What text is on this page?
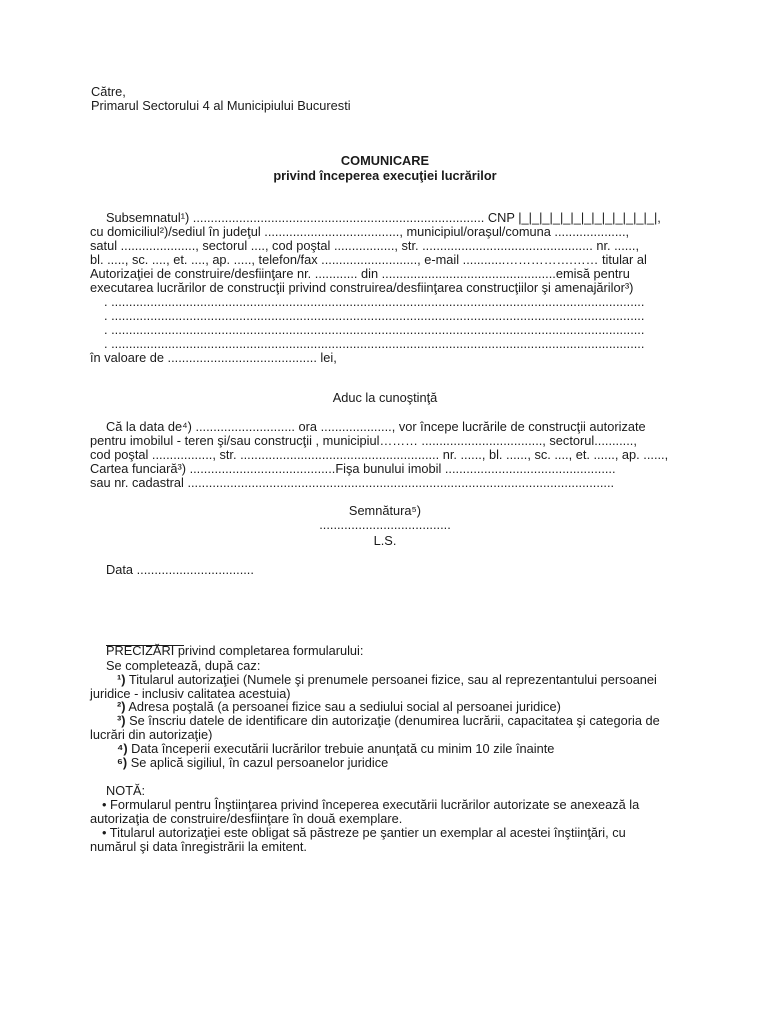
Către,
Primarul Sectorului 4 al Municipiului Bucuresti
COMUNICARE
privind începerea execuţiei lucrărilor
Subsemnatul¹) .................................................................................. CNP |_|_|_|_|_|_|_|_|_|_|_|_|_|,
cu domiciliul²)/sediul în judeţul ......................................, municipiul/oraşul/comuna ....................,
satul ....................., sectorul ...., cod poştal ................., str. ................................................ nr. ......,
bl. ....., sc. ...., et. ...., ap. ....., telefon/fax ..........................., e-mail ............…………….…… titular al
Autorizaţiei de construire/desfiinţare nr. ............ din .................................................emisă pentru
executarea lucrărilor de construcţii privind construirea/desfiinţarea construcţiilor şi amenajărilor³)
. ......................................................................................................................................................
. ......................................................................................................................................................
. ......................................................................................................................................................
. ......................................................................................................................................................
în valoare de .......................................... lei,
Aduc la cunoştinţă
Că la data de⁴) ............................ ora ...................., vor începe lucrările de construcţii autorizate
pentru imobilul - teren şi/sau construcţii , municipiul……… .................................., sectorul...........,
cod poştal ................., str. ........................................................ nr. ......, bl. ......, sc. ...., et. ......, ap. ......,
Cartea funciară³) .........................................Fişa bunului imobil ................................................
sau nr. cadastral ........................................................................................................................
Semnătura⁵)
.....................................
L.S.
Data .................................
PRECIZĂRI privind completarea formularului:
Se completează, după caz:
¹) Titularul autorizaţiei (Numele şi prenumele persoanei fizice, sau al reprezentantului persoanei
juridice - inclusiv calitatea acestuia)
²) Adresa poştală (a persoanei fizice sau a sediului social al persoanei juridice)
³) Se înscriu datele de identificare din autorizaţie (denumirea lucrării, capacitatea şi categoria de
lucrări din autorizaţie)
⁴) Data începerii executării lucrărilor trebuie anunţată cu minim 10 zile înainte
⁶) Se aplică sigiliul, în cazul persoanelor juridice
NOTĂ:
• Formularul pentru Înştiinţarea privind începerea executării lucrărilor autorizate se anexează la
autorizaţia de construire/desfiinţare în două exemplare.
• Titularul autorizaţiei este obligat să păstreze pe şantier un exemplar al acestei înştiinţări, cu
numărul şi data înregistrării la emitent.
